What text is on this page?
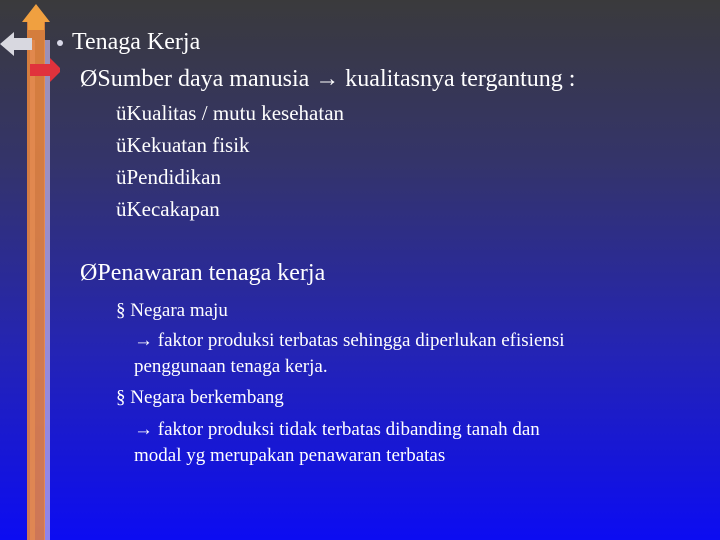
Tenaga Kerja
ØSumber daya manusia → kualitasnya tergantung :
üKualitas / mutu kesehatan
üKekuatan fisik
üPendidikan
üKecakapan
ØPenawaran tenaga kerja
§ Negara maju
→ faktor produksi terbatas sehingga diperlukan efisiensi
penggunaan tenaga kerja.
§ Negara berkembang
→ faktor produksi tidak terbatas dibanding tanah dan
modal yg merupakan penawaran terbatas
